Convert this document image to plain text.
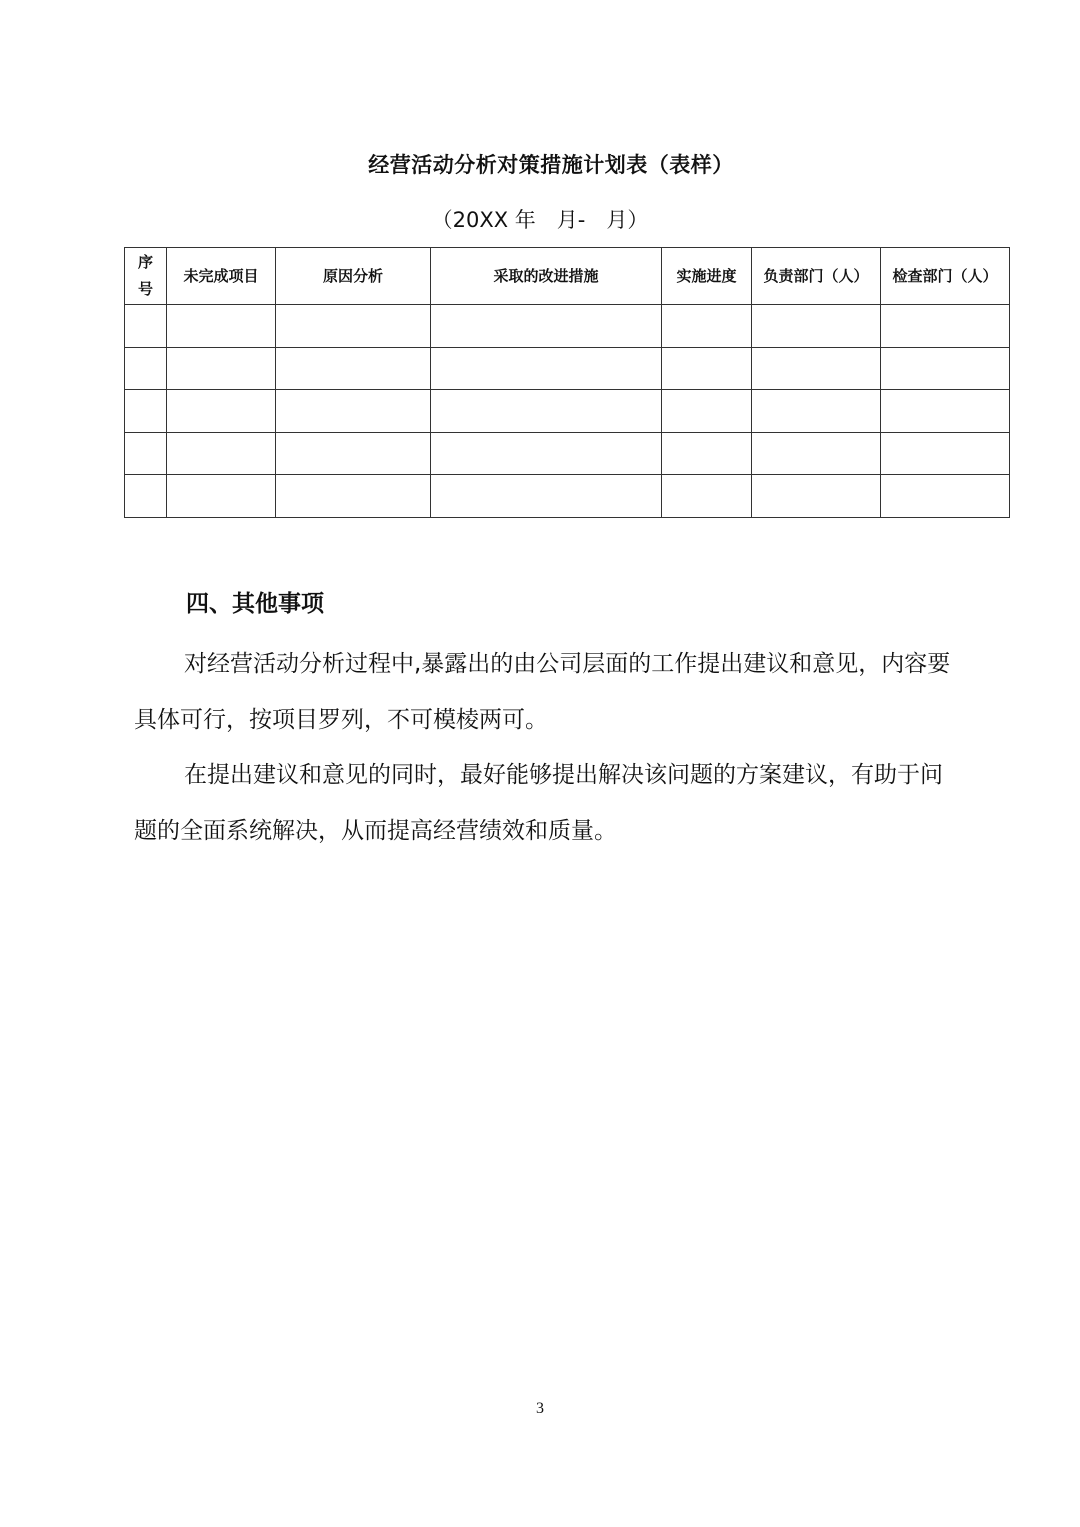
经营活动分析对策措施计划表（表样）
（20XX 年　月-　月）
序号	未完成项目	原因分析	采取的改进措施	实施进度	负责部门（人）	检查部门（人）

四、其他事项

对经营活动分析过程中,暴露出的由公司层面的工作提出建议和意见，内容要具体可行，按项目罗列，不可模棱两可。

在提出建议和意见的同时，最好能够提出解决该问题的方案建议，有助于问题的全面系统解决，从而提高经营绩效和质量。

3
